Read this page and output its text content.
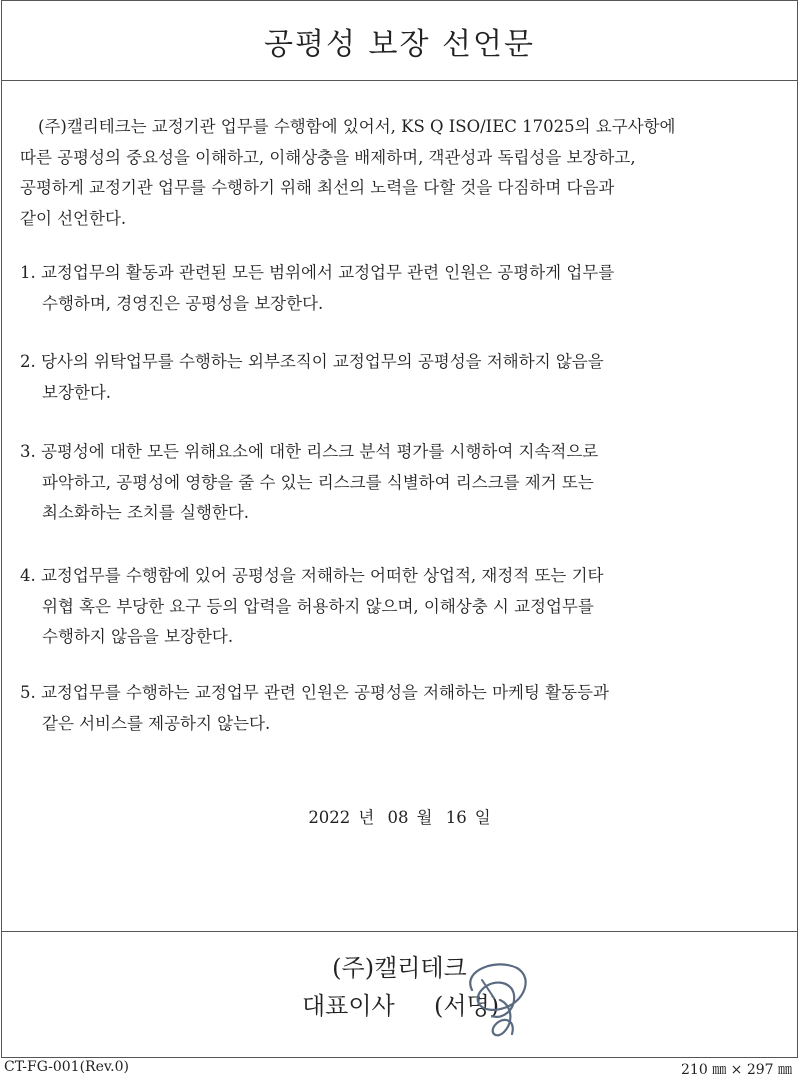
공평성 보장 선언문
(주)캘리테크는 교정기관 업무를 수행함에 있어서, KS Q ISO/IEC 17025의 요구사항에
따른 공평성의 중요성을 이해하고, 이해상충을 배제하며, 객관성과 독립성을 보장하고,
공평하게 교정기관 업무를 수행하기 위해 최선의 노력을 다할 것을 다짐하며 다음과
같이 선언한다.
1. 교정업무의 활동과 관련된 모든 범위에서 교정업무 관련 인원은 공평하게 업무를
수행하며, 경영진은 공평성을 보장한다.
2. 당사의 위탁업무를 수행하는 외부조직이 교정업무의 공평성을 저해하지 않음을
보장한다.
3. 공평성에 대한 모든 위해요소에 대한 리스크 분석 평가를 시행하여 지속적으로
파악하고, 공평성에 영향을 줄 수 있는 리스크를 식별하여 리스크를 제거 또는
최소화하는 조치를 실행한다.
4. 교정업무를 수행함에 있어 공평성을 저해하는 어떠한 상업적, 재정적 또는 기타
위협 혹은 부당한 요구 등의 압력을 허용하지 않으며, 이해상충 시 교정업무를
수행하지 않음을 보장한다.
5. 교정업무를 수행하는 교정업무 관련 인원은 공평성을 저해하는 마케팅 활동등과
같은 서비스를 제공하지 않는다.
2022 년 08 월 16 일
(주)캘리테크
대표이사 (서명)
CT-FG-001(Rev.0)	210 ㎜ × 297 ㎜
